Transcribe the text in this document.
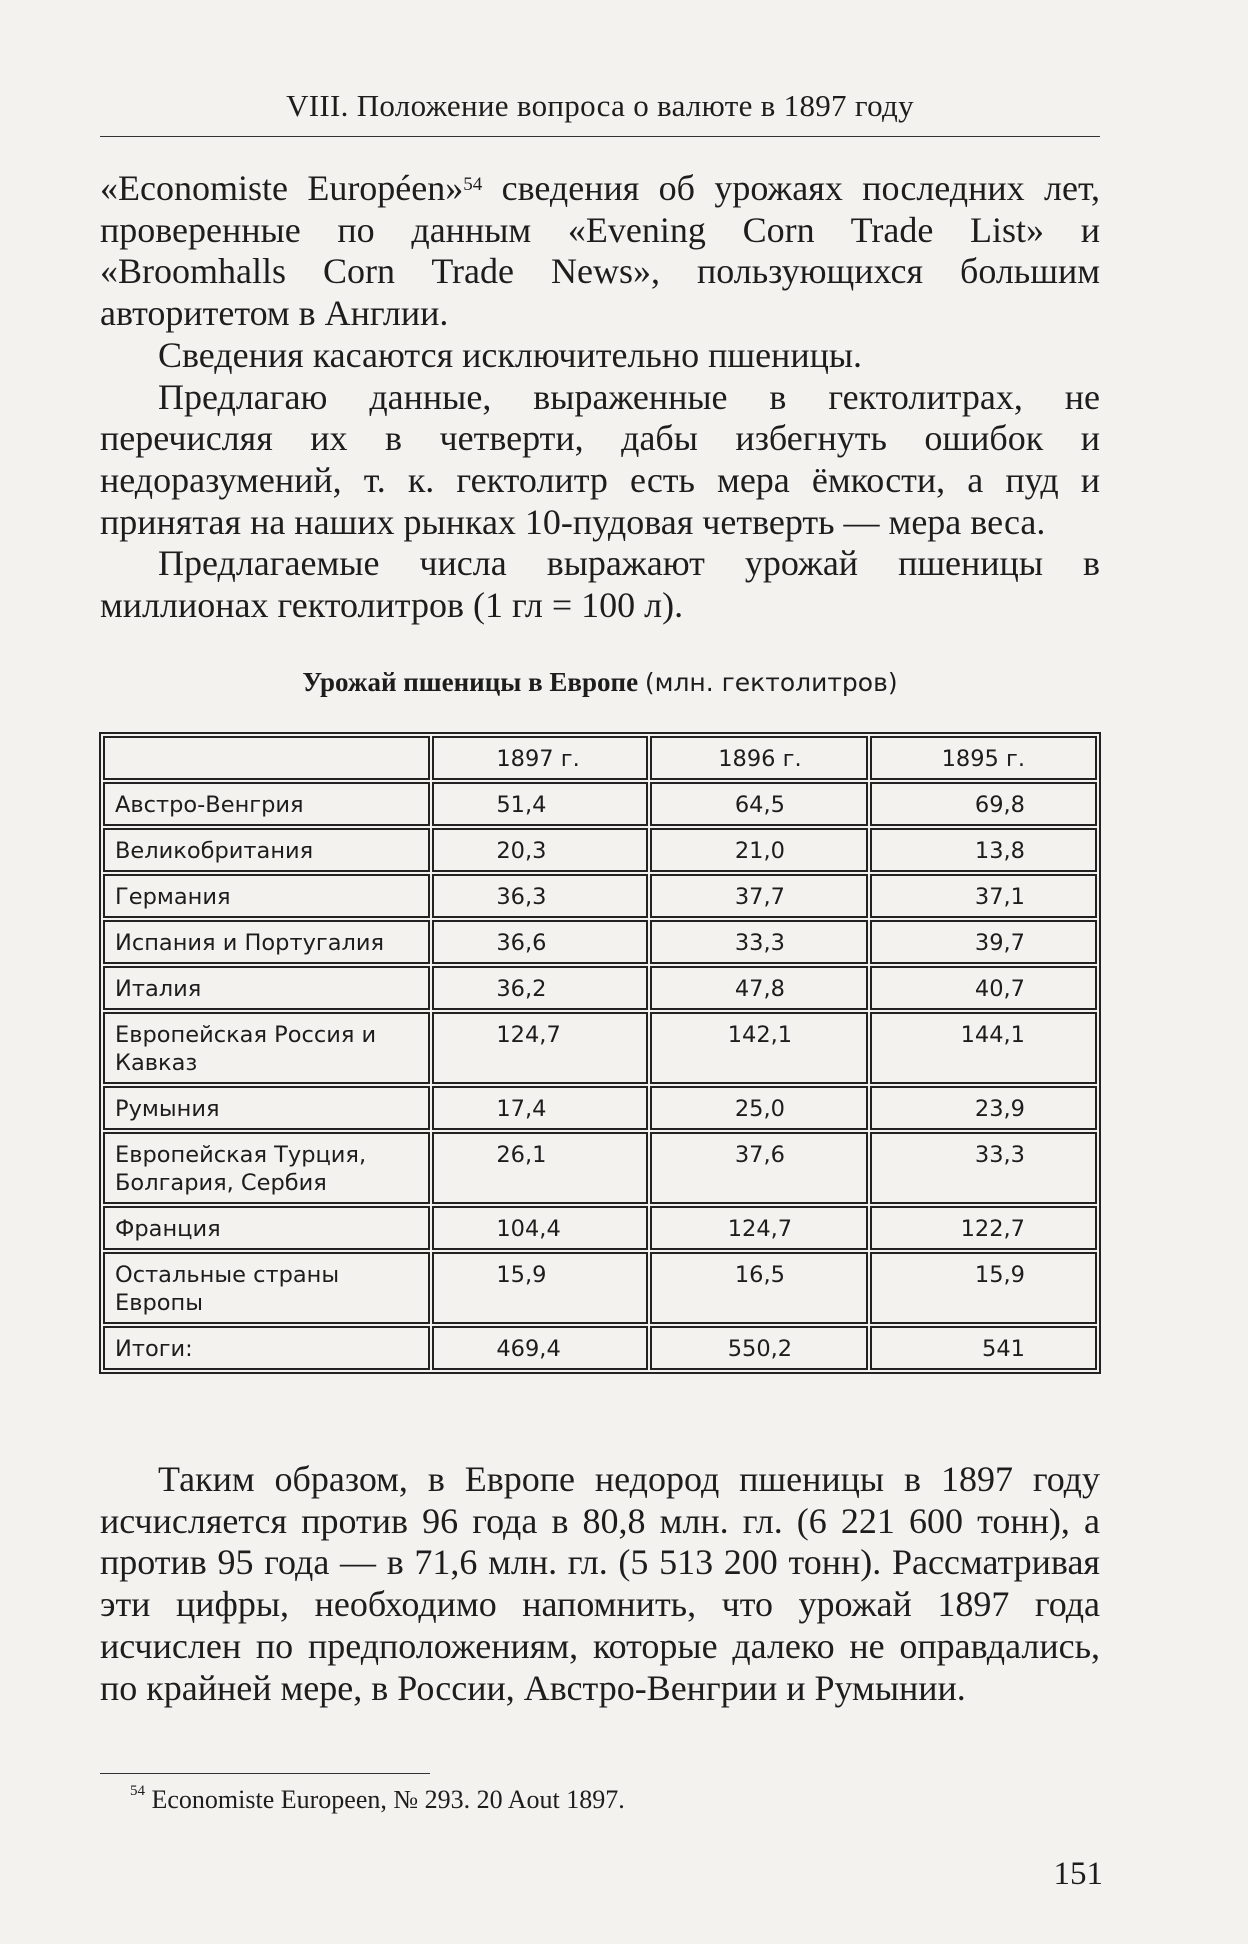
VIII. Положение вопроса о валюте в 1897 году

«Economiste Européen»$^{54}$ сведения об урожаях последних лет, проверенные по данным «Evening Corn Trade List» и «Broomhalls Corn Trade News», пользующихся большим авторитетом в Англии.

Сведения касаются исключительно пшеницы.

Предлагаю данные, выраженные в гектолитрах, не перечисляя их в четверти, дабы избегнуть ошибок и недоразумений, т. к. гектолитр есть мера ёмкости, а пуд и принятая на наших рынках 10-пудовая четверть — мера веса.

Предлагаемые числа выражают урожай пшеницы в миллионах гектолитров (1 гл = 100 л).

Урожай пшеницы в Европе (млн. гектолитров)
	1897 г.	1896 г.	1895 г.
Австро-Венгрия	51,4	64,5	69,8
Великобритания	20,3	21,0	13,8
Германия	36,3	37,7	37,1
Испания и Португалия	36,6	33,3	39,7
Италия	36,2	47,8	40,7
Европейская Россия и Кавказ	124,7	142,1	144,1
Румыния	17,4	25,0	23,9
Европейская Турция, Болгария, Сербия	26,1	37,6	33,3
Франция	104,4	124,7	122,7
Остальные страны Европы	15,9	16,5	15,9
Итоги:	469,4	550,2	541

Таким образом, в Европе недород пшеницы в 1897 году исчисляется против 96 года в 80,8 млн. гл. (6 221 600 тонн), а против 95 года — в 71,6 млн. гл. (5 513 200 тонн). Рассматривая эти цифры, необходимо напомнить, что урожай 1897 года исчислен по предположениям, которые далеко не оправдались, по крайней мере, в России, Австро-Венгрии и Румынии.

$^{54}$ Economiste Europeen, № 293. 20 Aout 1897.
151
